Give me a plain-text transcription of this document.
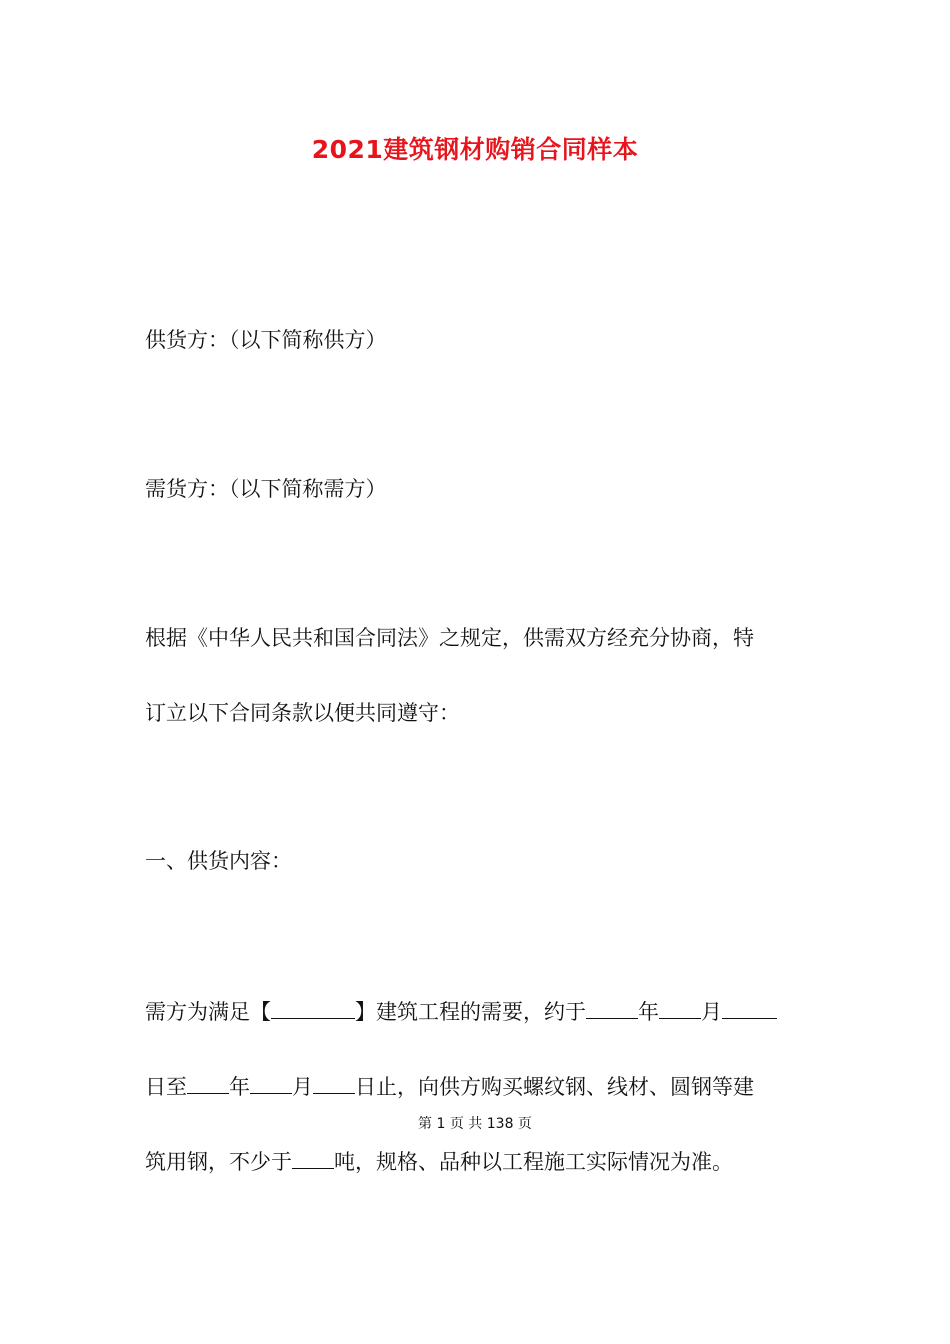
2021建筑钢材购销合同样本
供货方：（以下简称供方）
需货方：（以下简称需方）
根据《中华人民共和国合同法》之规定，供需双方经充分协商，特
订立以下合同条款以便共同遵守：
一、供货内容：
需方为满足【	】建筑工程的需要，约于 年 月
日至 年 月 日止，向供方购买螺纹钢、线材、圆钢等建
第 1 页 共 138 页
筑用钢，不少于 吨，规格、品种以工程施工实际情况为准。
